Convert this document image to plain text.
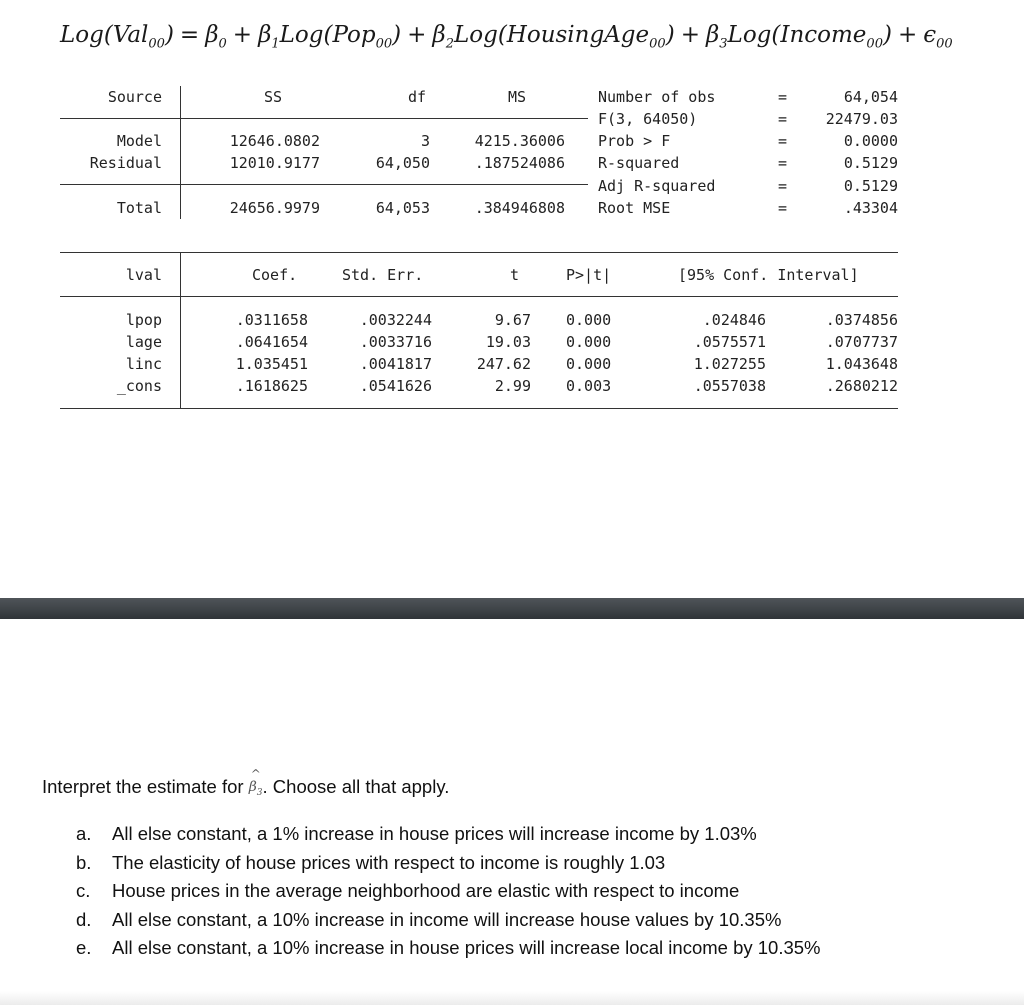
$Log(Val_{00}) = \beta_0 + \beta_1Log(Pop_{00})$ + $\beta_2Log(HousingAge_{00})$ + $\beta_3Log(Income_{00}) + \epsilon_{00}$
Source	SS	df	MS
Model	12646.0802	3	4215.36006
Residual	12010.9177	64,050	.187524086
Total	24656.9979	64,053	.384946808
Number of obs	=	64,054
F(3, 64050)	=	22479.03
Prob > F	=	0.0000
R-squared	=	0.5129
Adj R-squared	=	0.5129
Root MSE	=	.43304
lval	Coef.	Std. Err.	t	P>|t|	[95% Conf. Interval]
lpop	.0311658	.0032244	9.67 0.000	.024846	.0374856
lage	.0641654	.0033716	19.03 0.000	.0575571	.0707737
linc	1.035451	.0041817	247.62 0.000	1.027255	1.043648
_cons	.1618625	.0541626	2.99 0.003	.0557038	.2680212
Interpret the estimate for ^ $\beta_3$. Choose all that apply.
a. All else constant, a 1% increase in house prices will increase income by 1.03%
b. The elasticity of house prices with respect to income is roughly 1.03
c. House prices in the average neighborhood are elastic with respect to income
d. All else constant, a 10% increase in income will increase house values by 10.35%
e. All else constant, a 10% increase in house prices will increase local income by 10.35%
